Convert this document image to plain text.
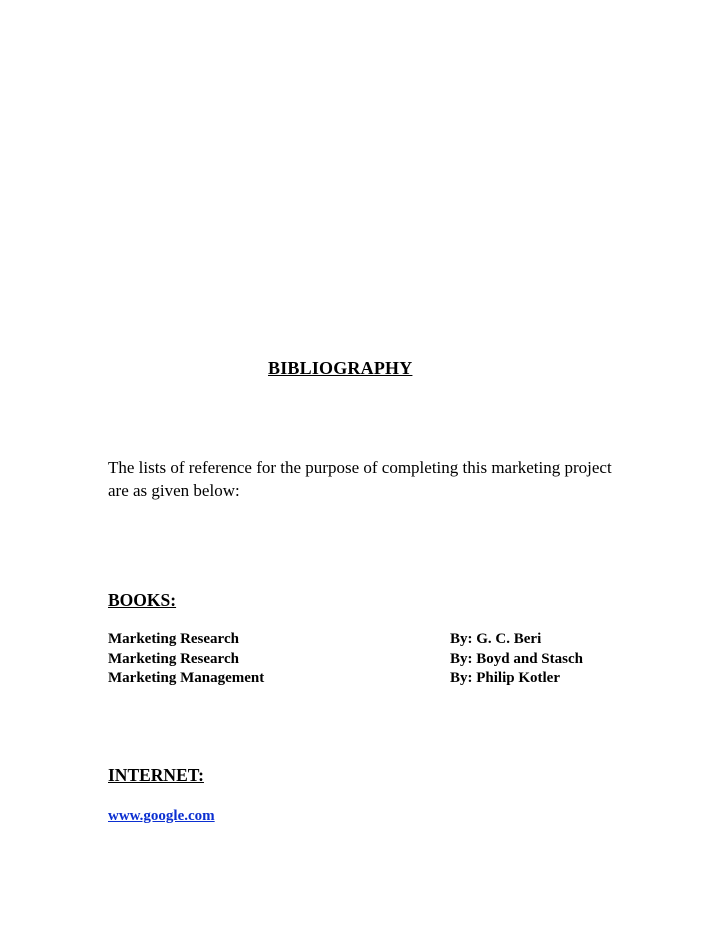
BIBLIOGRAPHY
The lists of reference for the purpose of completing this marketing project are as given below:
BOOKS:
Marketing Research	By: G. C. Beri
Marketing Research	By: Boyd and Stasch
Marketing Management	By: Philip Kotler
INTERNET:
www.google.com
